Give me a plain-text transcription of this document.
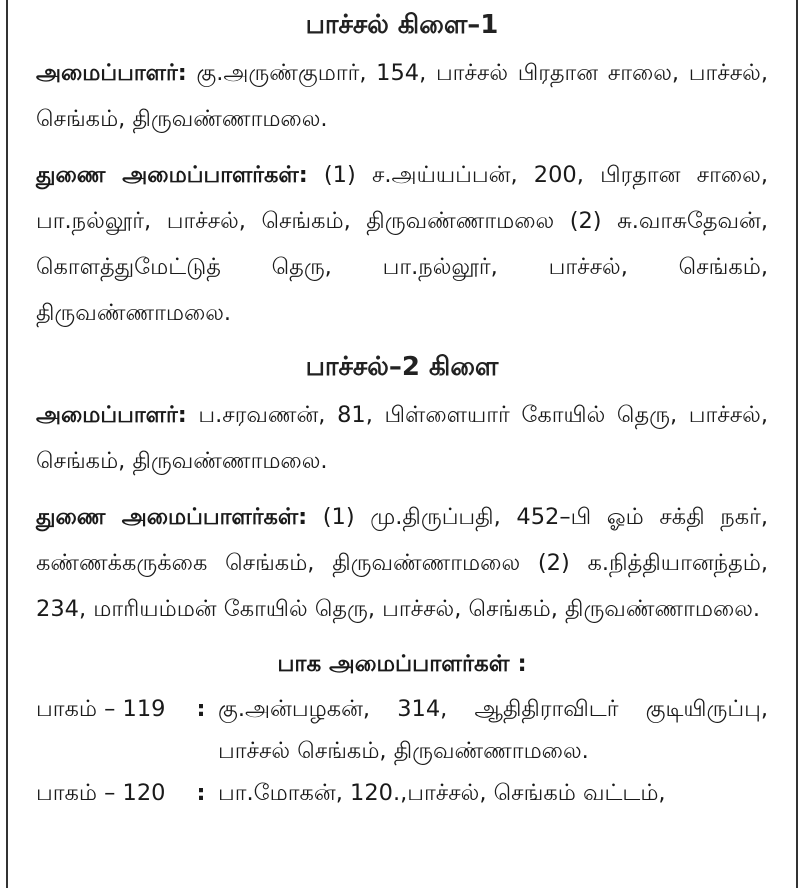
பாச்சல் கிளை–1

அமைப்பாளர்: கு.அருண்குமார், 154, பாச்சல் பிரதான சாலை, பாச்சல், செங்கம், திருவண்ணாமலை.

துணை அமைப்பாளர்கள்: (1) ச.அய்யப்பன், 200, பிரதான சாலை, பா.நல்லூர், பாச்சல், செங்கம், திருவண்ணாமலை (2) சு.வாசுதேவன், கொளத்துமேட்டுத் தெரு, பா.நல்லூர், பாச்சல், செங்கம், திருவண்ணாமலை.

பாச்சல்–2 கிளை

அமைப்பாளர்: ப.சரவணன், 81, பிள்ளையார் கோயில் தெரு, பாச்சல், செங்கம், திருவண்ணாமலை.

துணை அமைப்பாளர்கள்: (1) மு.திருப்பதி, 452–பி ஓம் சக்தி நகர், கண்ணக்கருக்கை செங்கம், திருவண்ணாமலை (2) க.நித்தியானந்தம், 234, மாரியம்மன் கோயில் தெரு, பாச்சல், செங்கம், திருவண்ணாமலை.

பாக அமைப்பாளர்கள் :
பாகம் – 119	: கு.அன்பழகன், 314, ஆதிதிராவிடர் குடியிருப்பு, பாச்சல் செங்கம், திருவண்ணாமலை.
பாகம் – 120	: பா.மோகன், 120.,பாச்சல், செங்கம் வட்டம்,
